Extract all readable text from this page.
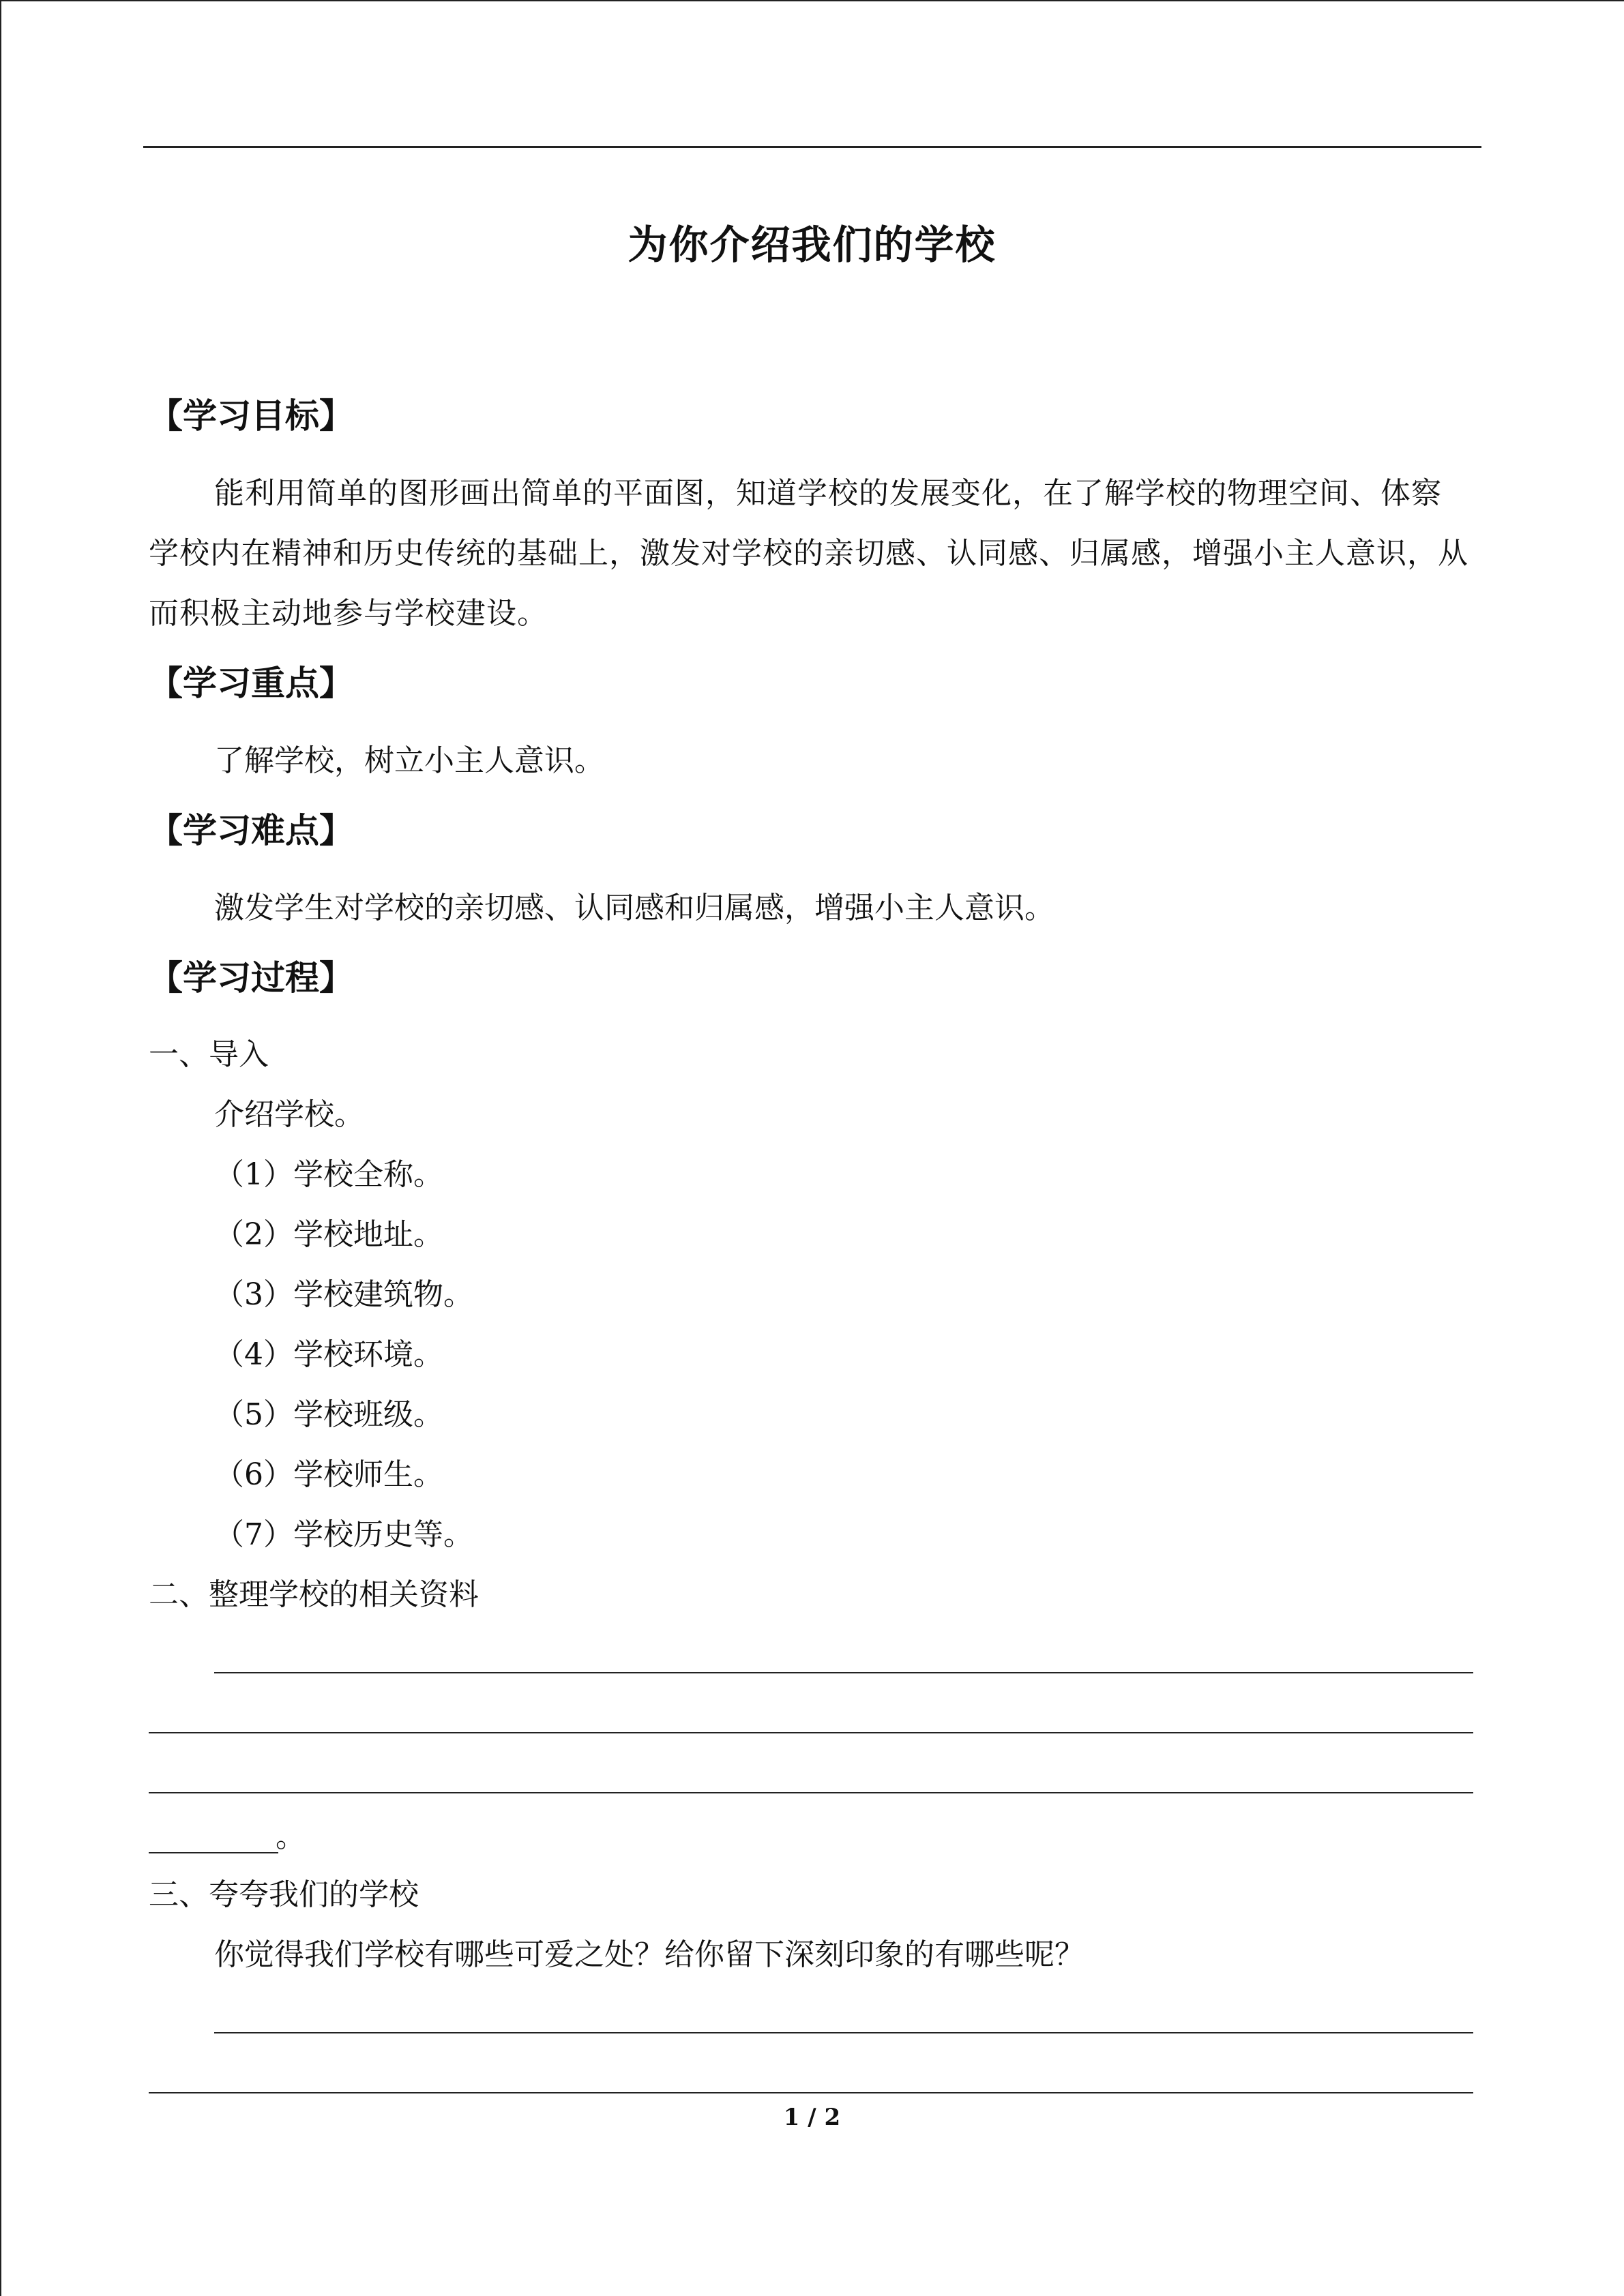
为你介绍我们的学校
【学习目标】
能利用简单的图形画出简单的平面图，知道学校的发展变化，在了解学校的物理空间、体察学校内在精神和历史传统的基础上，激发对学校的亲切感、认同感、归属感，增强小主人意识，从而积极主动地参与学校建设。
【学习重点】
了解学校，树立小主人意识。
【学习难点】
激发学生对学校的亲切感、认同感和归属感，增强小主人意识。
【学习过程】
一、导入
介绍学校。
（1）学校全称。
（2）学校地址。
（3）学校建筑物。
（4）学校环境。
（5）学校班级。
（6）学校师生。
（7）学校历史等。
二、整理学校的相关资料
。
三、夸夸我们的学校
你觉得我们学校有哪些可爱之处？给你留下深刻印象的有哪些呢？
1 / 2
